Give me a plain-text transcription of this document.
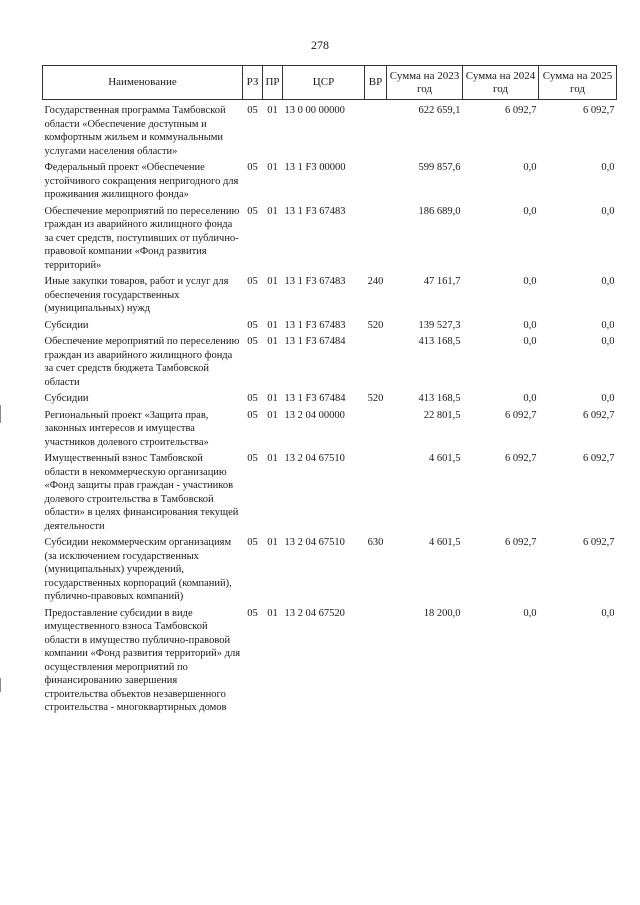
278
Наименование	РЗ	ПР	ЦСР	ВР	Сумма на 2023 год	Сумма на 2024 год	Сумма на 2025 год
Государственная программа Тамбовской области «Обеспечение доступным и комфортным жильем и коммунальными услугами населения области»	05	01	13 0 00 00000		622 659,1	6 092,7	6 092,7
Федеральный проект «Обеспечение устойчивого сокращения непригодного для проживания жилищного фонда»	05	01	13 1 F3 00000		599 857,6	0,0	0,0
Обеспечение мероприятий по переселению граждан из аварийного жилищного фонда за счет средств, поступивших от публично-правовой компании «Фонд развития территорий»	05	01	13 1 F3 67483		186 689,0	0,0	0,0
Иные закупки товаров, работ и услуг для обеспечения государственных (муниципальных) нужд	05	01	13 1 F3 67483	240	47 161,7	0,0	0,0
Субсидии	05	01	13 1 F3 67483	520	139 527,3	0,0	0,0
Обеспечение мероприятий по переселению граждан из аварийного жилищного фонда за счет средств бюджета Тамбовской области	05	01	13 1 F3 67484		413 168,5	0,0	0,0
Субсидии	05	01	13 1 F3 67484	520	413 168,5	0,0	0,0
Региональный проект «Защита прав, законных интересов и имущества участников долевого строительства»	05	01	13 2 04 00000		22 801,5	6 092,7	6 092,7
Имущественный взнос Тамбовской области в некоммерческую организацию «Фонд защиты прав граждан - участников долевого строительства в Тамбовской области» в целях финансирования текущей деятельности	05	01	13 2 04 67510		4 601,5	6 092,7	6 092,7
Субсидии некоммерческим организациям (за исключением государственных (муниципальных) учреждений, государственных корпораций (компаний), публично-правовых компаний)	05	01	13 2 04 67510	630	4 601,5	6 092,7	6 092,7
Предоставление субсидии в виде имущественного взноса Тамбовской области в имущество публично-правовой компании «Фонд развития территорий» для осуществления мероприятий по финансированию завершения строительства объектов незавершенного строительства - многоквартирных домов	05	01	13 2 04 67520		18 200,0	0,0	0,0
